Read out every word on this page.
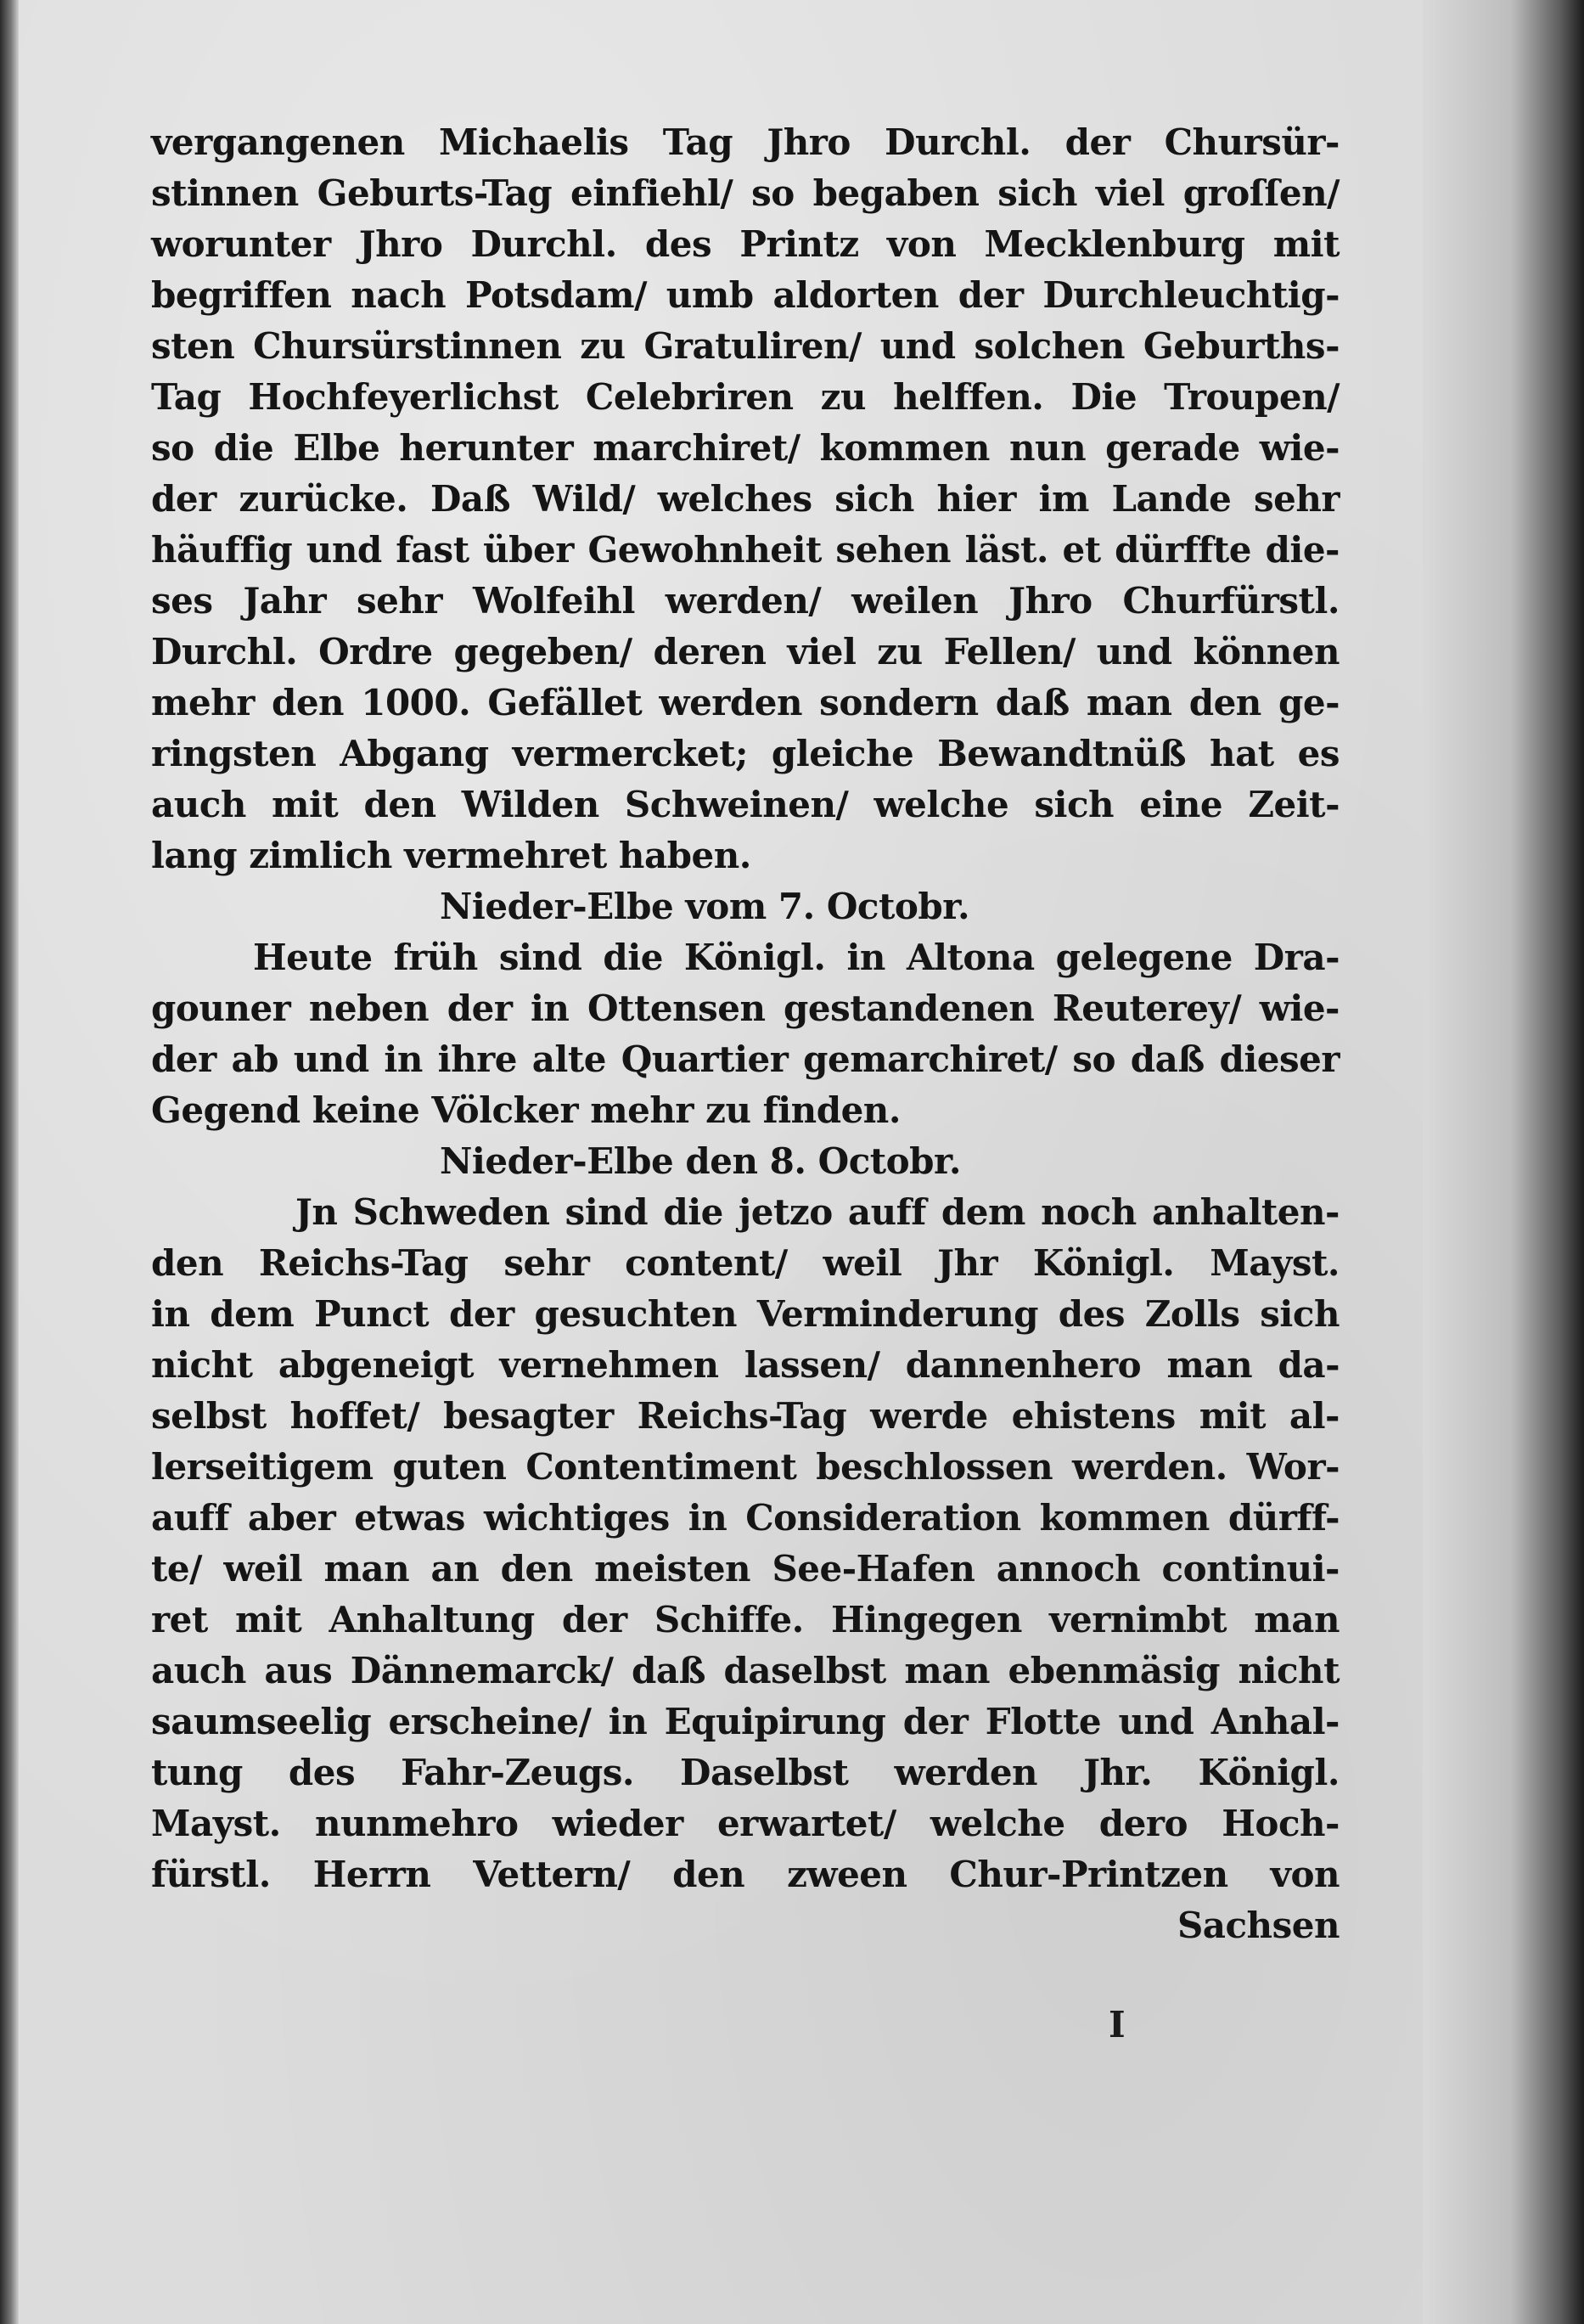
vergangenen Michaelis Tag Jhro Durchl. der Chursür-
stinnen Geburts-Tag einfiehl/ so begaben sich viel groſſen/
worunter Jhro Durchl. des Printz von Mecklenburg mit
begriffen nach Potsdam/ umb aldorten der Durchleuchtig-
sten Chursürstinnen zu Gratuliren/ und solchen Geburths-
Tag Hochfeyerlichst Celebriren zu helffen. Die Troupen/
so die Elbe herunter marchiret/ kommen nun gerade wie-
der zurücke. Daß Wild/ welches sich hier im Lande sehr
häuffig und fast über Gewohnheit sehen läst. et dürffte die-
ses Jahr sehr Wolfeihl werden/ weilen Jhro Churfürstl.
Durchl. Ordre gegeben/ deren viel zu Fellen/ und können
mehr den 1000. Gefället werden sondern daß man den ge-
ringsten Abgang vermercket; gleiche Bewandtnüß hat es
auch mit den Wilden Schweinen/ welche sich eine Zeit-
lang zimlich vermehret haben.
Nieder-Elbe vom 7. Octobr.
Heute früh sind die Königl. in Altona gelegene Dra-
gouner neben der in Ottensen gestandenen Reuterey/ wie-
der ab und in ihre alte Quartier gemarchiret/ so daß dieser
Gegend keine Völcker mehr zu finden.
Nieder-Elbe den 8. Octobr.
Jn Schweden sind die jetzo auff dem noch anhalten-
den Reichs-Tag sehr content/ weil Jhr Königl. Mayst.
in dem Punct der gesuchten Verminderung des Zolls sich
nicht abgeneigt vernehmen lassen/ dannenhero man da-
selbst hoffet/ besagter Reichs-Tag werde ehistens mit al-
lerseitigem guten Contentiment beschlossen werden. Wor-
auff aber etwas wichtiges in Consideration kommen dürff-
te/ weil man an den meisten See-Hafen annoch continui-
ret mit Anhaltung der Schiffe. Hingegen vernimbt man
auch aus Dännemarck/ daß daselbst man ebenmäsig nicht
saumseelig erscheine/ in Equipirung der Flotte und Anhal-
tung des Fahr-Zeugs. Daselbst werden Jhr. Königl.
Mayst. nunmehro wieder erwartet/ welche dero Hoch-
fürstl. Herrn Vettern/ den zween Chur-Printzen von
Sachsen
I
